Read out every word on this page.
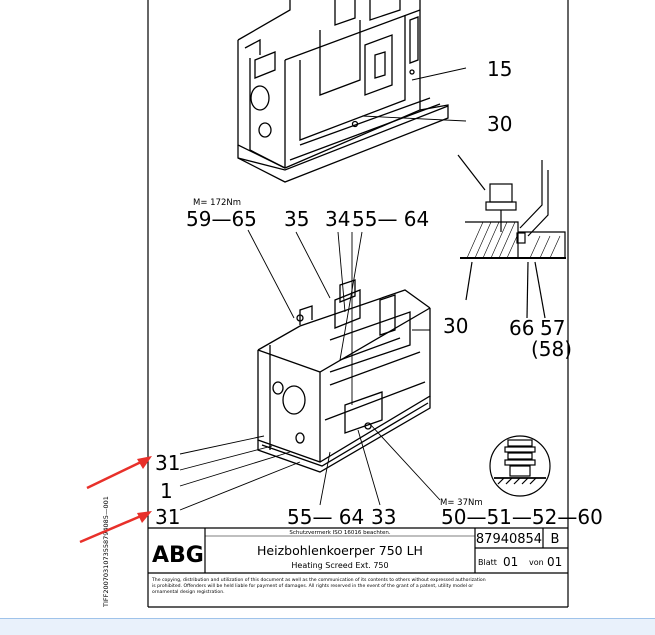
15
30
59—65 35 34 55— 64
30 66 57
(58)
31
1
31	55— 64 33 50—51—52—60
M= 172Nm
M= 37Nm
Schutzvermerk ISO 16016 beachten.
ABG	Heizbohlenkoerper 750 LH
Heating Screed Ext. 750
87940854 B
Blatt 01 von 01
The copying, distribution and utilization of this document as well as the communication of its contents to others without expressed authorization
is prohibited. Offenders will be held liable for payment of damages. All rights reserved in the event of the grant of a patent, utility model or
ornamental design registration.
TIFF2007031073558794085—001
